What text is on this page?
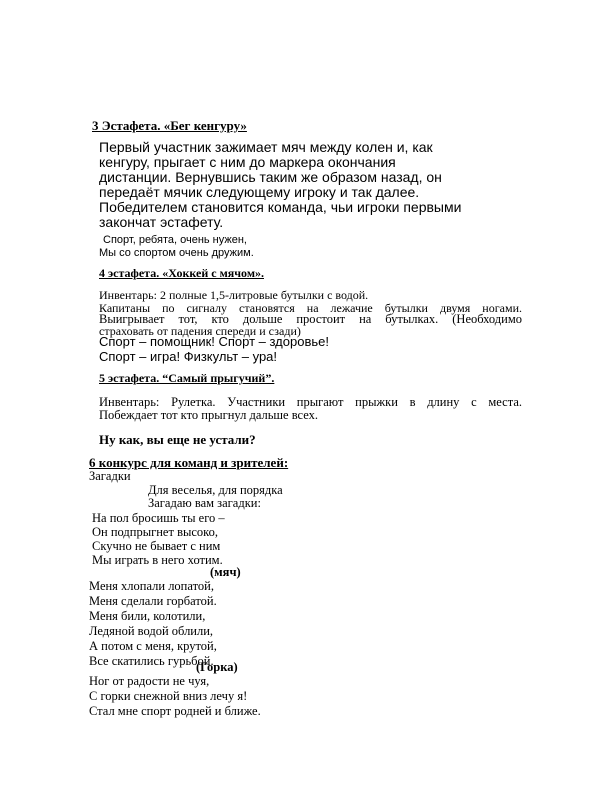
3 Эстафета. «Бег кенгуру»
Первый участник зажимает мяч между колен и, как
кенгуру, прыгает с ним до маркера окончания
дистанции. Вернувшись таким же образом назад, он
передаёт мячик следующему игроку и так далее.
Победителем становится команда, чьи игроки первыми
закончат эстафету.
Спорт, ребята, очень нужен,
Мы со спортом очень дружим.
4 эстафета. «Хоккей с мячом».
Инвентарь: 2 полные 1,5-литровые бутылки с водой.
Капитаны по сигналу становятся на лежачие бутылки двумя ногами.
Выигрывает тот, кто дольше простоит на бутылках. (Необходимо
страховать от падения спереди и сзади)
Спорт – помощник! Спорт – здоровье!
Спорт – игра! Физкульт – ура!
5 эстафета. “Самый прыгучий”.
Инвентарь: Рулетка. Участники прыгают прыжки в длину с места.
Побеждает тот кто прыгнул дальше всех.
Ну как, вы еще не устали?
6 конкурс для команд и зрителей:
Загадки
Для веселья, для порядка
Загадаю вам загадки:
На пол бросишь ты его –
Он подпрыгнет высоко,
Скучно не бывает с ним
Мы играть в него хотим.
(мяч)
Меня хлопали лопатой,
Меня сделали горбатой.
Меня били, колотили,
Ледяной водой облили,
А потом с меня, крутой,
Все скатились гурьбой.
(Горка)
Ног от радости не чуя,
С горки снежной вниз лечу я!
Стал мне спорт родней и ближе.
